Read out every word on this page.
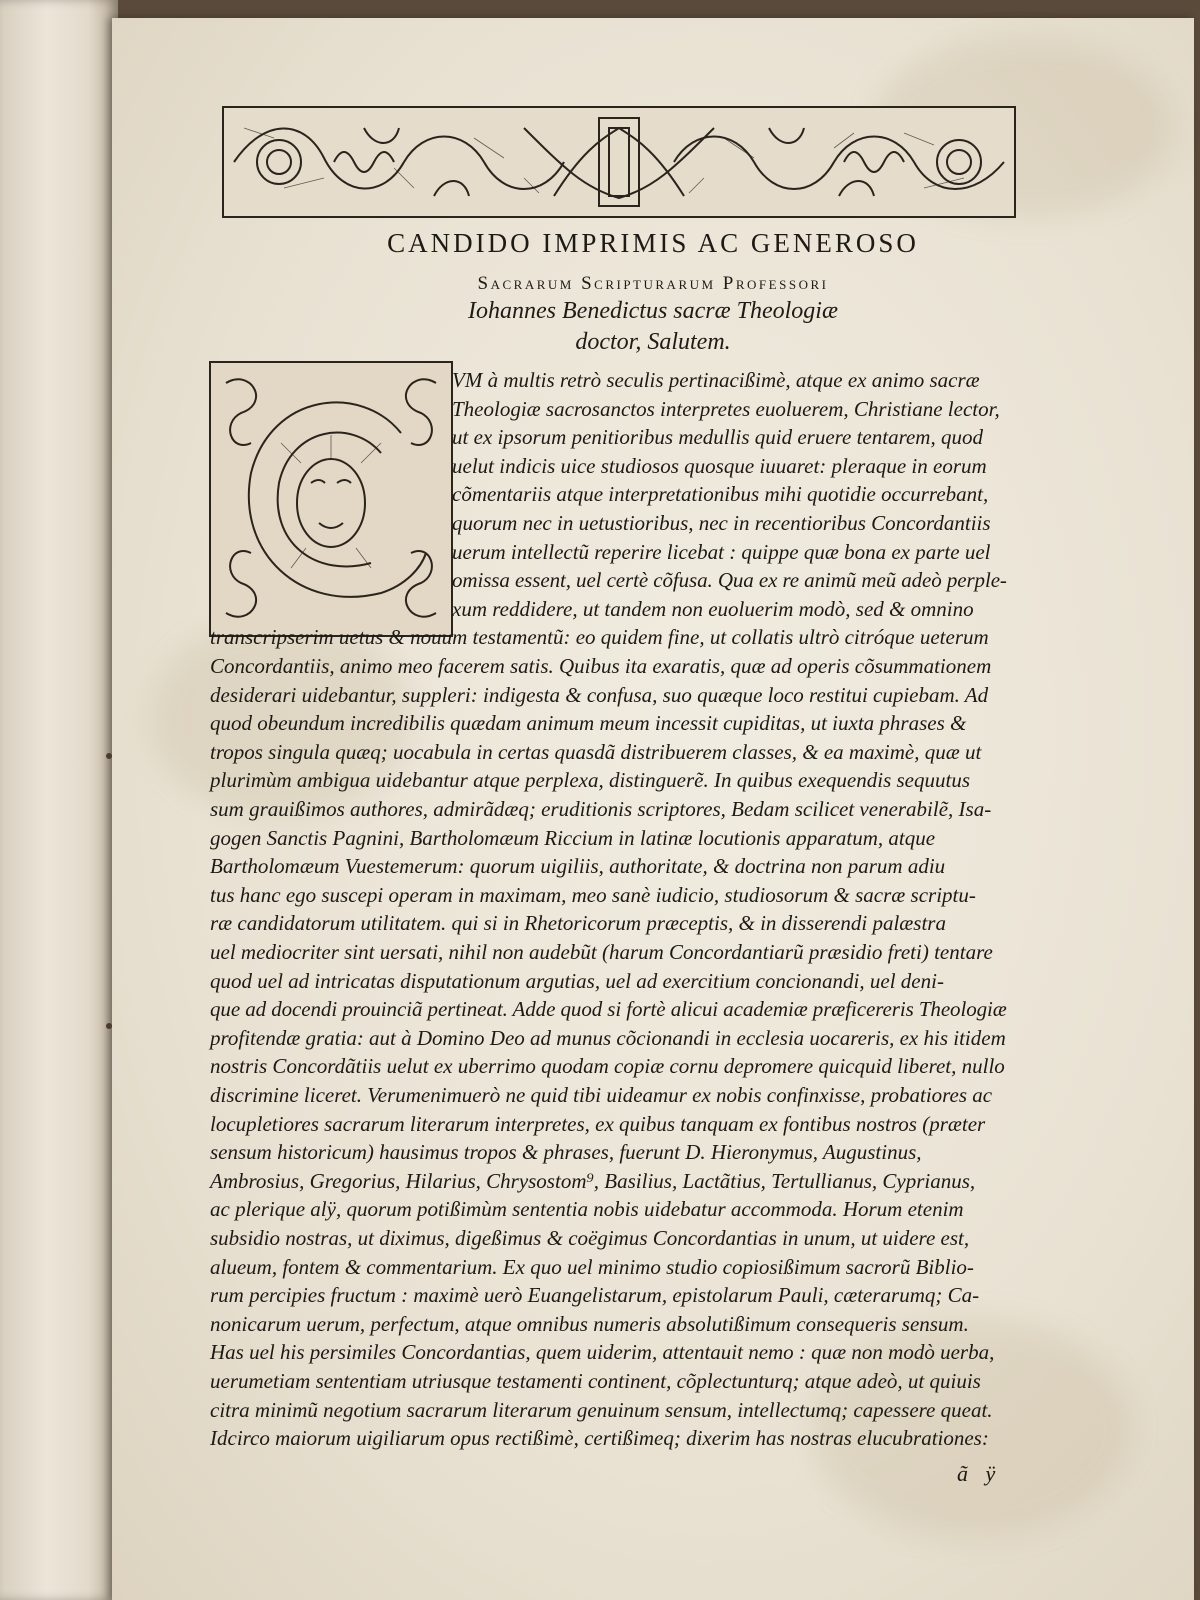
CANDIDO IMPRIMIS AC GENEROSO
Sacrarum Scripturarum Professori
Iohannes Benedictus sacræ Theologiæ
doctor, Salutem.
VM à multis retrò seculis pertinacißimè, atque ex animo sacræ
Theologiæ sacrosanctos interpretes euoluerem, Christiane lector,
ut ex ipsorum penitioribus medullis quid eruere tentarem, quod
uelut indicis uice studiosos quosque iuuaret: pleraque in eorum
cõmentariis atque interpretationibus mihi quotidie occurrebant,
quorum nec in uetustioribus, nec in recentioribus Concordantiis
uerum intellectũ reperire licebat : quippe quæ bona ex parte uel
omissa essent, uel certè cõfusa. Qua ex re animũ meũ adeò perple-
xum reddidere, ut tandem non euoluerim modò, sed & omnino
transcripserim uetus & nouum testamentũ: eo quidem fine, ut collatis ultrò citróque ueterum
Concordantiis, animo meo facerem satis. Quibus ita exaratis, quæ ad operis cõsummationem
desiderari uidebantur, suppleri: indigesta & confusa, suo quæque loco restitui cupiebam. Ad
quod obeundum incredibilis quædam animum meum incessit cupiditas, ut iuxta phrases &
tropos singula quæq; uocabula in certas quasdã distribuerem classes, & ea maximè, quæ ut
plurimùm ambigua uidebantur atque perplexa, distinguerẽ. In quibus exequendis sequutus
sum grauißimos authores, admirãdæq; eruditionis scriptores, Bedam scilicet venerabilẽ, Isa-
gogen Sanctis Pagnini, Bartholomæum Riccium in latinæ locutionis apparatum, atque
Bartholomæum Vuestemerum: quorum uigiliis, authoritate, & doctrina non parum adiu
tus hanc ego suscepi operam in maximam, meo sanè iudicio, studiosorum & sacræ scriptu-
ræ candidatorum utilitatem. qui si in Rhetoricorum præceptis, & in disserendi palæstra
uel mediocriter sint uersati, nihil non audebũt (harum Concordantiarũ præsidio freti) tentare
quod uel ad intricatas disputationum argutias, uel ad exercitium concionandi, uel deni-
que ad docendi prouinciã pertineat. Adde quod si fortè alicui academiæ præficereris Theologiæ
profitendæ gratia: aut à Domino Deo ad munus cõcionandi in ecclesia uocareris, ex his itidem
nostris Concordãtiis uelut ex uberrimo quodam copiæ cornu depromere quicquid liberet, nullo
discrimine liceret. Verumenimuerò ne quid tibi uideamur ex nobis confinxisse, probatiores ac
locupletiores sacrarum literarum interpretes, ex quibus tanquam ex fontibus nostros (præter
sensum historicum) hausimus tropos & phrases, fuerunt D. Hieronymus, Augustinus,
Ambrosius, Gregorius, Hilarius, Chrysostom⁹, Basilius, Lactãtius, Tertullianus, Cyprianus,
ac plerique alÿ, quorum potißimùm sententia nobis uidebatur accommoda. Horum etenim
subsidio nostras, ut diximus, digeßimus & coëgimus Concordantias in unum, ut uidere est,
alueum, fontem & commentarium. Ex quo uel minimo studio copiosißimum sacrorũ Biblio-
rum percipies fructum : maximè uerò Euangelistarum, epistolarum Pauli, cæterarumq; Ca-
nonicarum uerum, perfectum, atque omnibus numeris absolutißimum consequeris sensum.
Has uel his persimiles Concordantias, quem uiderim, attentauit nemo : quæ non modò uerba,
uerumetiam sententiam utriusque testamenti continent, cõplectunturq; atque adeò, ut quiuis
citra minimũ negotium sacrarum literarum genuinum sensum, intellectumq; capessere queat.
Idcirco maiorum uigiliarum opus rectißimè, certißimeq; dixerim has nostras elucubrationes:
ã ÿ
